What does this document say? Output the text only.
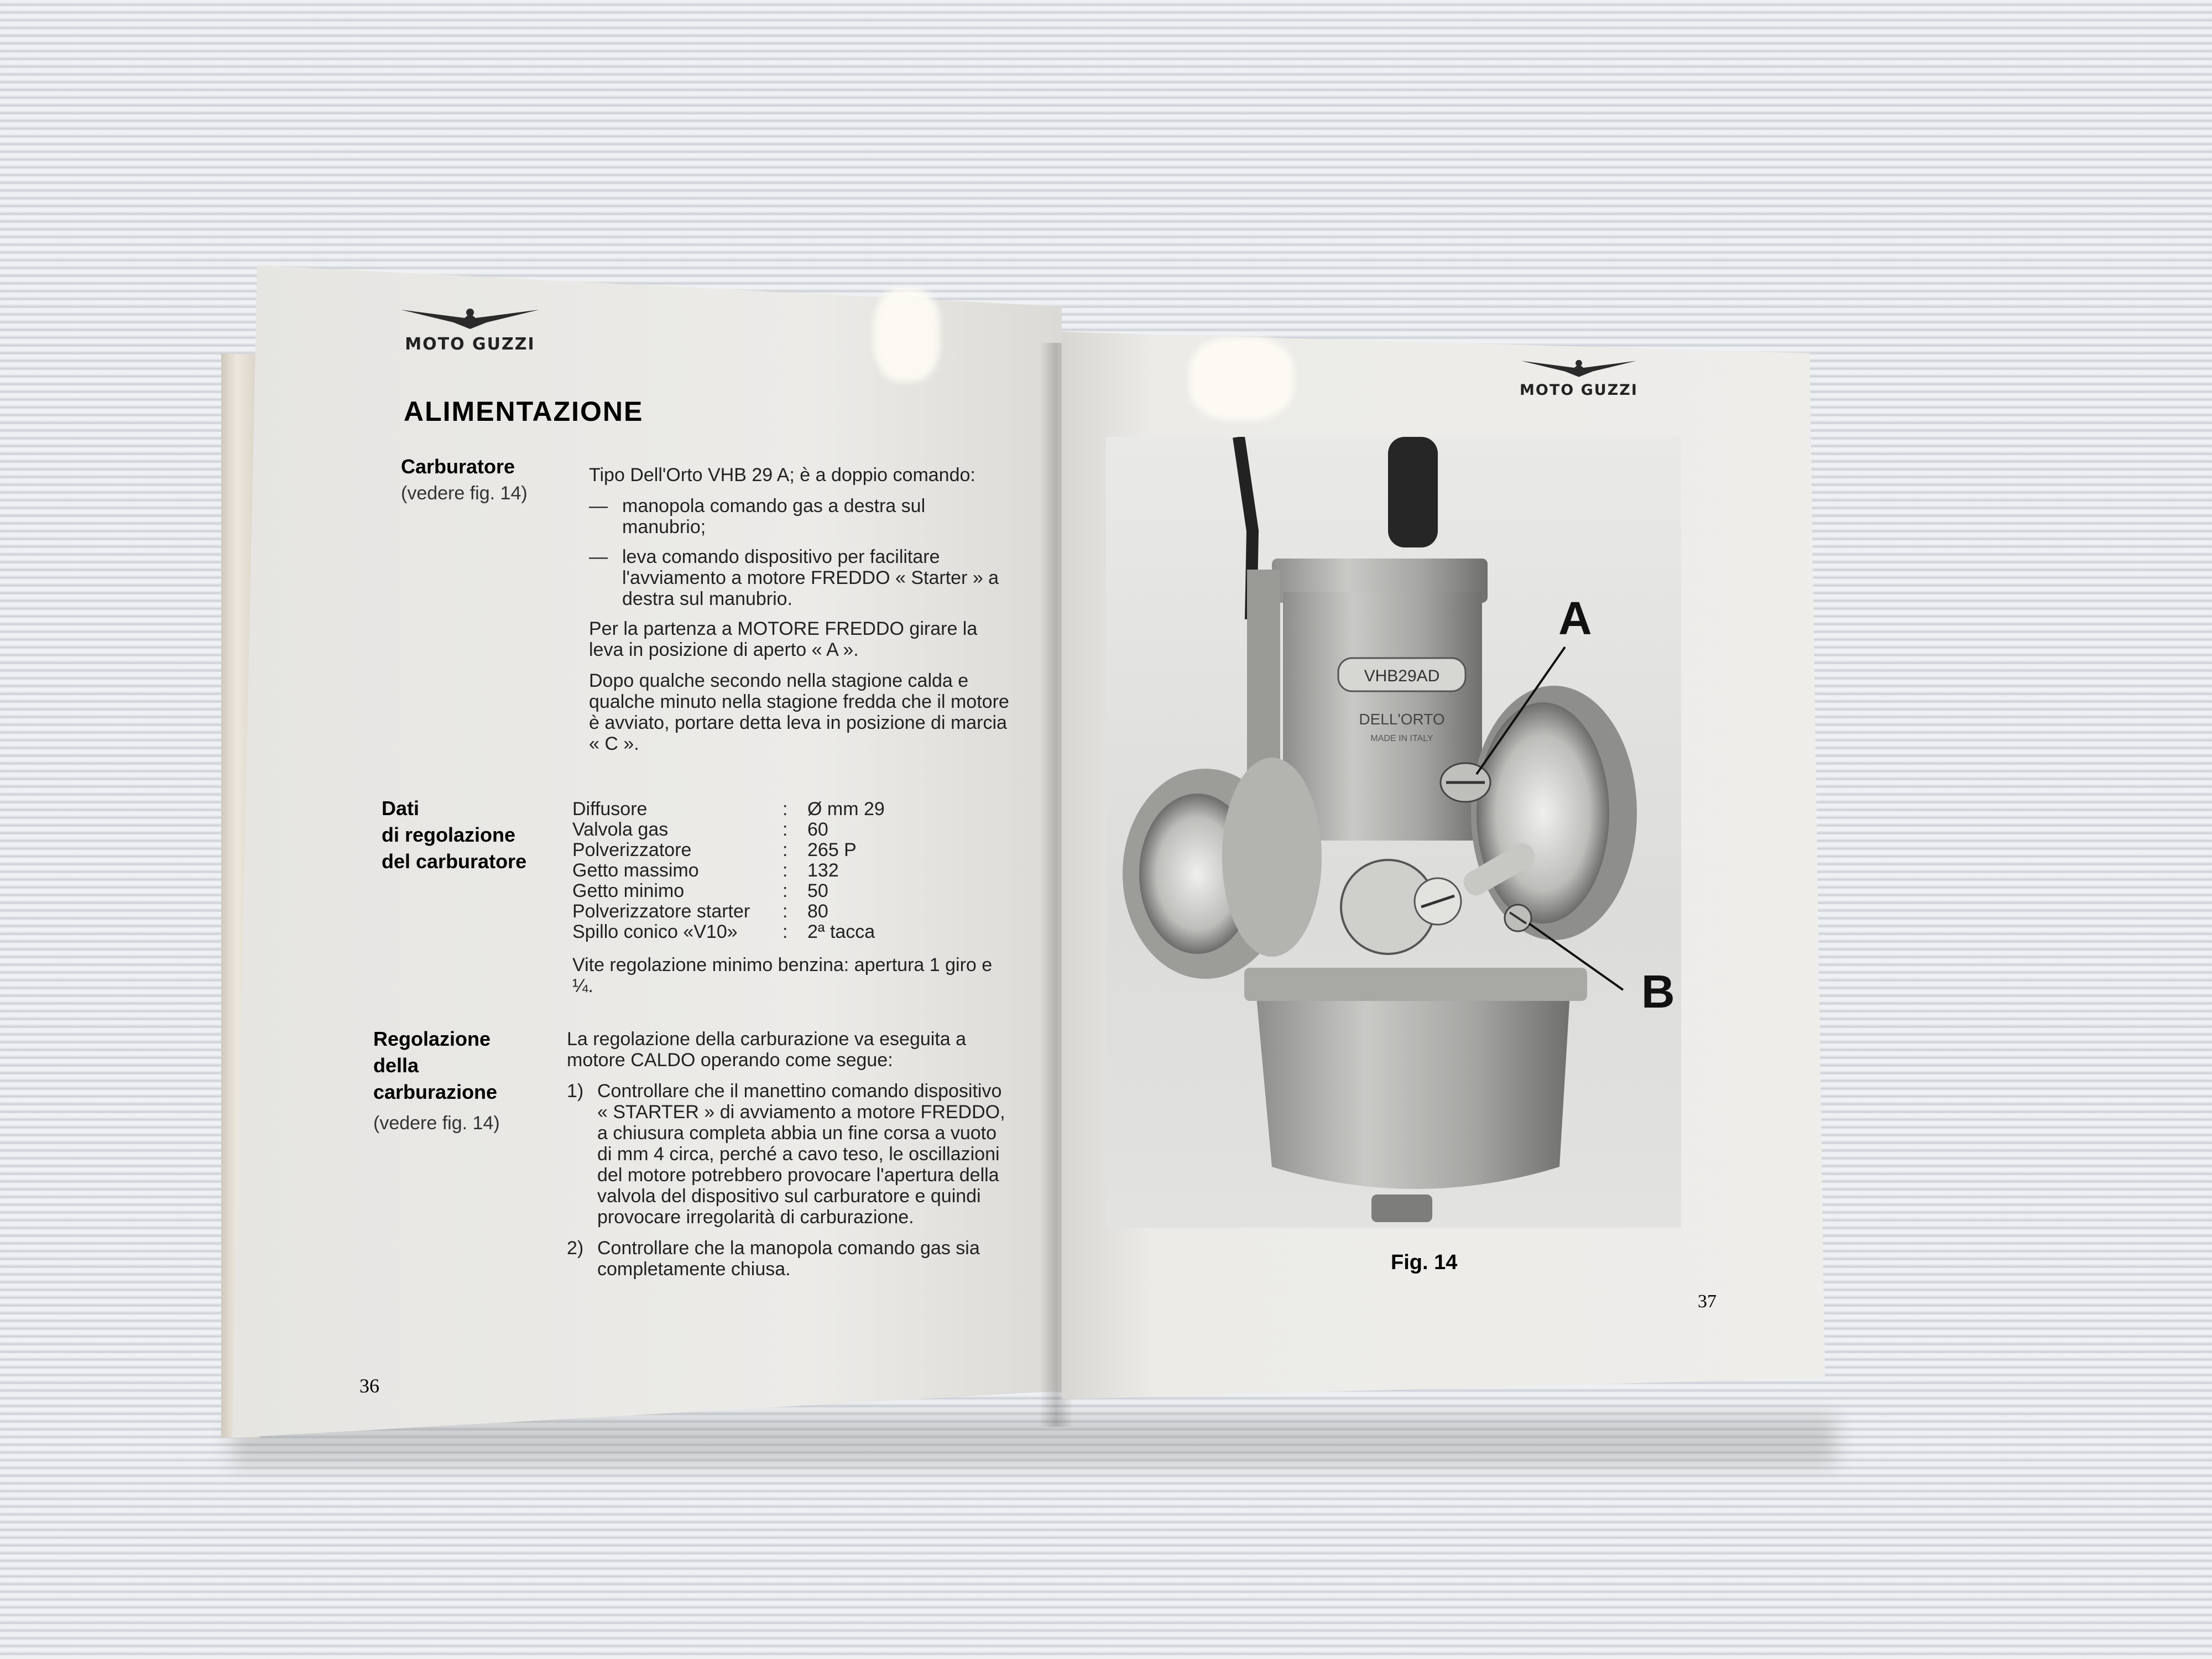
MOTO GUZZI
ALIMENTAZIONE
Carburatore
(vedere fig. 14)

Tipo Dell'Orto VHB 29 A; è a doppio comando:

— manopola comando gas a destra sul manubrio;
— leva comando dispositivo per facilitare l'avviamento a motore FREDDO « Starter » a destra sul manubrio.

Per la partenza a MOTORE FREDDO girare la leva in posizione di aperto « A ».

Dopo qualche secondo nella stagione calda e qualche minuto nella stagione fredda che il motore è avviato, portare detta leva in posizione di marcia « C ».

Dati
di regolazione
del carburatore
Diffusore	:	Ø mm 29
Valvola gas	:	60
Polverizzatore	:	265 P
Getto massimo	:	132
Getto minimo	:	50
Polverizzatore starter	:	80
Spillo conico «V10»	:	2ª tacca

Vite regolazione minimo benzina: apertura 1 giro e ¼.

Regolazione
della
carburazione
(vedere fig. 14)

La regolazione della carburazione va eseguita a motore CALDO operando come segue:

1) Controllare che il manettino comando dispositivo « STARTER » di avviamento a motore FREDDO, a chiusura completa abbia un fine corsa a vuoto di mm 4 circa, perché a cavo teso, le oscillazioni del motore potrebbero provocare l'apertura della valvola del dispositivo sul carburatore e quindi provocare irregolarità di carburazione.
2) Controllare che la manopola comando gas sia completamente chiusa.
36
MOTO GUZZI
VHB29AD
DELL'ORTO
MADE IN ITALY
A
B
Fig. 14
37
